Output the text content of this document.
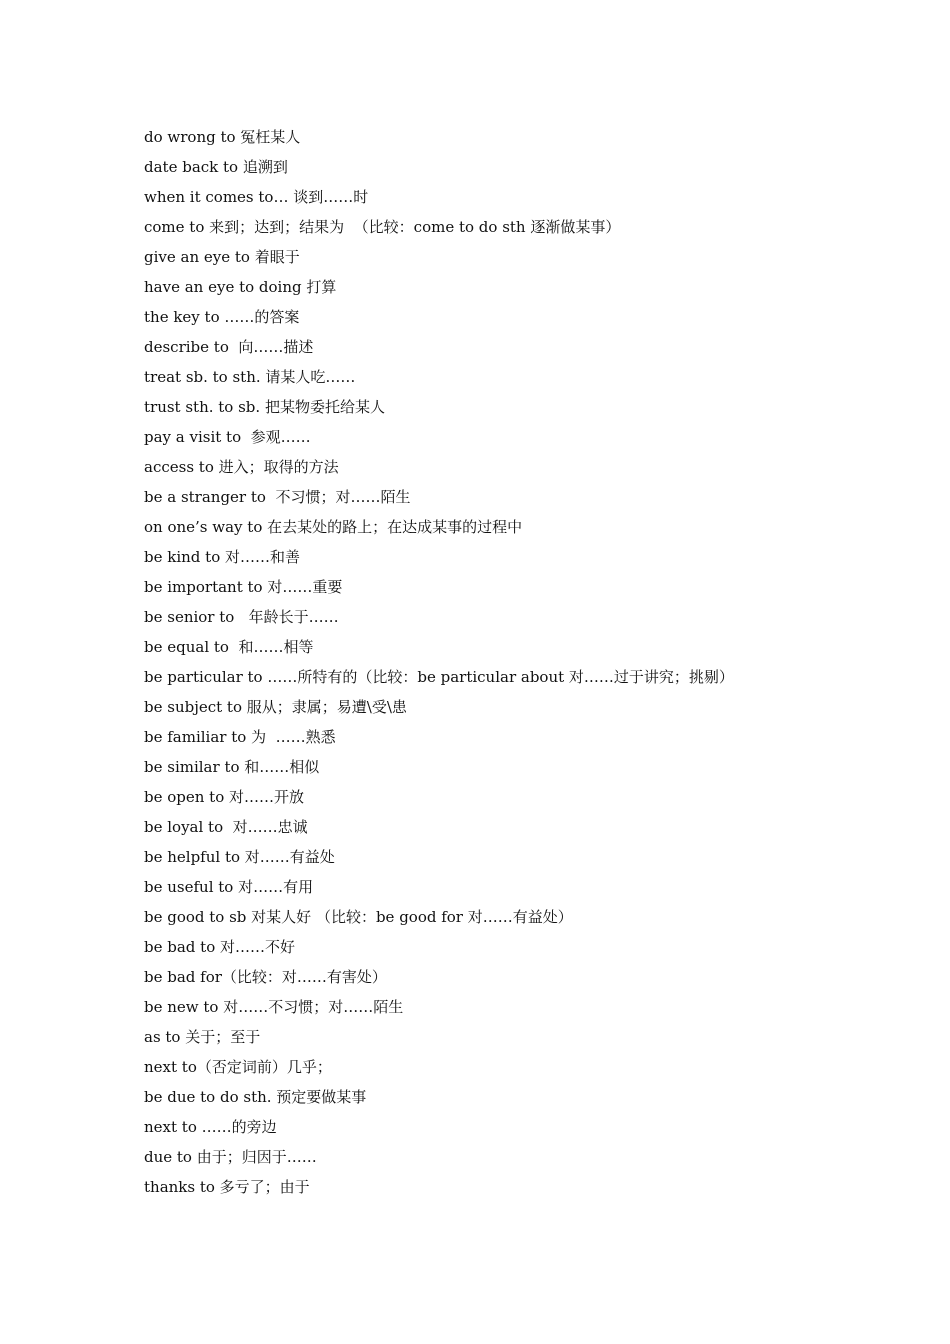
do wrong to 冤枉某人
date back to 追溯到
when it comes to… 谈到……时
come to 来到；达到；结果为  （比较：come to do sth 逐渐做某事）
give an eye to 着眼于
have an eye to doing 打算
the key to ……的答案
describe to  向……描述
treat sb. to sth. 请某人吃……
trust sth. to sb. 把某物委托给某人
pay a visit to  参观……
access to 进入；取得的方法
be a stranger to  不习惯；对……陌生
on one’s way to 在去某处的路上；在达成某事的过程中
be kind to 对……和善
be important to 对……重要
be senior to   年龄长于……
be equal to  和……相等
be particular to ……所特有的（比较：be particular about 对……过于讲究；挑剔）
be subject to 服从；隶属；易遭\受\患
be familiar to 为  ……熟悉
be similar to 和……相似
be open to 对……开放
be loyal to  对……忠诚
be helpful to 对……有益处
be useful to 对……有用
be good to sb 对某人好 （比较：be good for 对……有益处）
be bad to 对……不好
be bad for（比较：对……有害处）
be new to 对……不习惯；对……陌生
as to 关于；至于
next to（否定词前）几乎；
be due to do sth. 预定要做某事
next to ……的旁边
due to 由于；归因于……
thanks to 多亏了；由于
